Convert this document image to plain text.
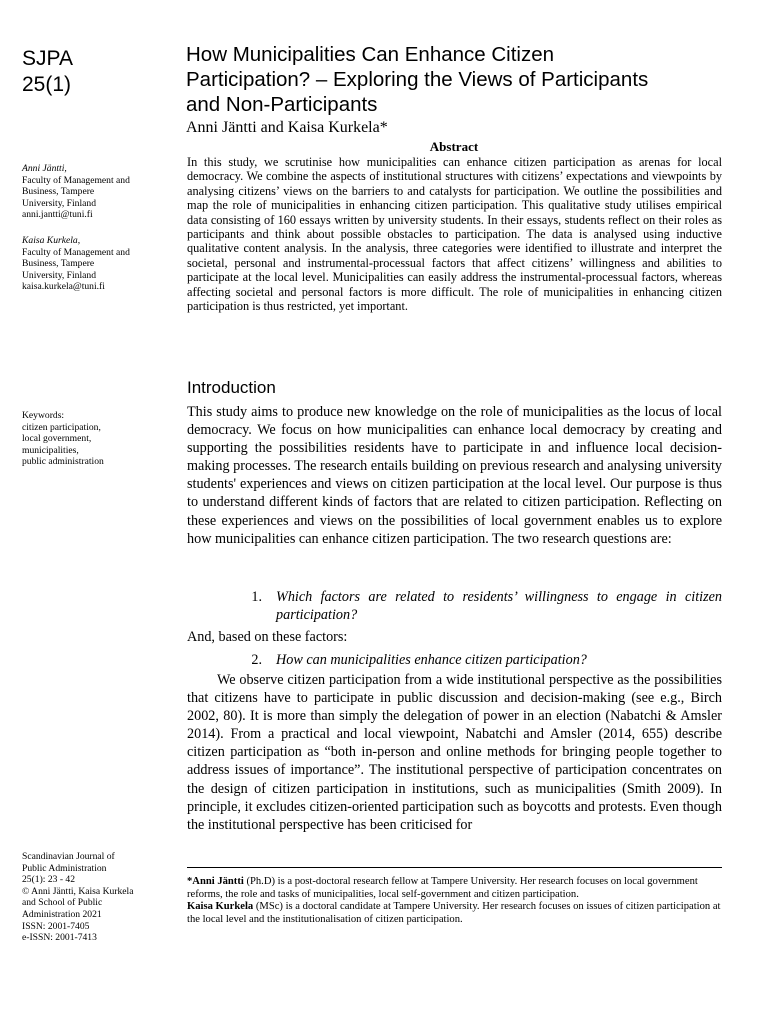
SJPA
25(1)
How Municipalities Can Enhance Citizen
Participation? – Exploring the Views of Participants
and Non-Participants
Anni Jäntti and Kaisa Kurkela*
Abstract
In this study, we scrutinise how municipalities can enhance citizen participation as arenas for local democracy. We combine the aspects of institutional structures with citizens’ expectations and viewpoints by analysing citizens’ views on the barriers to and catalysts for participation. We outline the possibilities and map the role of municipalities in enhancing citizen participation. This qualitative study utilises empirical data consisting of 160 essays written by university students. In their essays, students reflect on their roles as participants and think about possible obstacles to participation. The data is analysed using inductive qualitative content analysis. In the analysis, three categories were identified to illustrate and interpret the societal, personal and instrumental-processual factors that affect citizens’ willingness and abilities to participate at the local level. Municipalities can easily address the instrumental-processual factors, whereas affecting societal and personal factors is more difficult. The role of municipalities in enhancing citizen participation is thus restricted, yet important.
Anni Jäntti,
Faculty of Management and
Business, Tampere
University, Finland
anni.jantti@tuni.fi
Kaisa Kurkela,
Faculty of Management and
Business, Tampere
University, Finland
kaisa.kurkela@tuni.fi
Keywords:
citizen participation,
local government,
municipalities,
public administration
Scandinavian Journal of
Public Administration
25(1): 23 - 42
© Anni Jäntti, Kaisa Kurkela
and School of Public
Administration 2021
ISSN: 2001-7405
e-ISSN: 2001-7413
Introduction
This study aims to produce new knowledge on the role of municipalities as the locus of local democracy. We focus on how municipalities can enhance local democracy by creating and supporting the possibilities residents have to participate in and influence local decision-making processes. The research entails building on previous research and analysing university students' experiences and views on citizen participation at the local level. Our purpose is thus to understand different kinds of factors that are related to citizen participation. Reflecting on these experiences and views on the possibilities of local government enables us to explore how municipalities can enhance citizen participation. The two research questions are:
1. Which factors are related to residents’ willingness to engage in citizen participation?
And, based on these factors:
2. How can municipalities enhance citizen participation?
We observe citizen participation from a wide institutional perspective as the possibilities that citizens have to participate in public discussion and decision-making (see e.g., Birch 2002, 80). It is more than simply the delegation of power in an election (Nabatchi & Amsler 2014). From a practical and local viewpoint, Nabatchi and Amsler (2014, 655) describe citizen participation as “both in-person and online methods for bringing people together to address issues of importance”. The institutional perspective of participation concentrates on the design of citizen participation in institutions, such as municipalities (Smith 2009). In principle, it excludes citizen-oriented participation such as boycotts and protests. Even though the institutional perspective has been criticised for

*Anni Jäntti (Ph.D) is a post-doctoral research fellow at Tampere University. Her research focuses on local government reforms, the role and tasks of municipalities, local self-government and citizen participation.

Kaisa Kurkela (MSc) is a doctoral candidate at Tampere University. Her research focuses on issues of citizen participation at the local level and the institutionalisation of citizen participation.
